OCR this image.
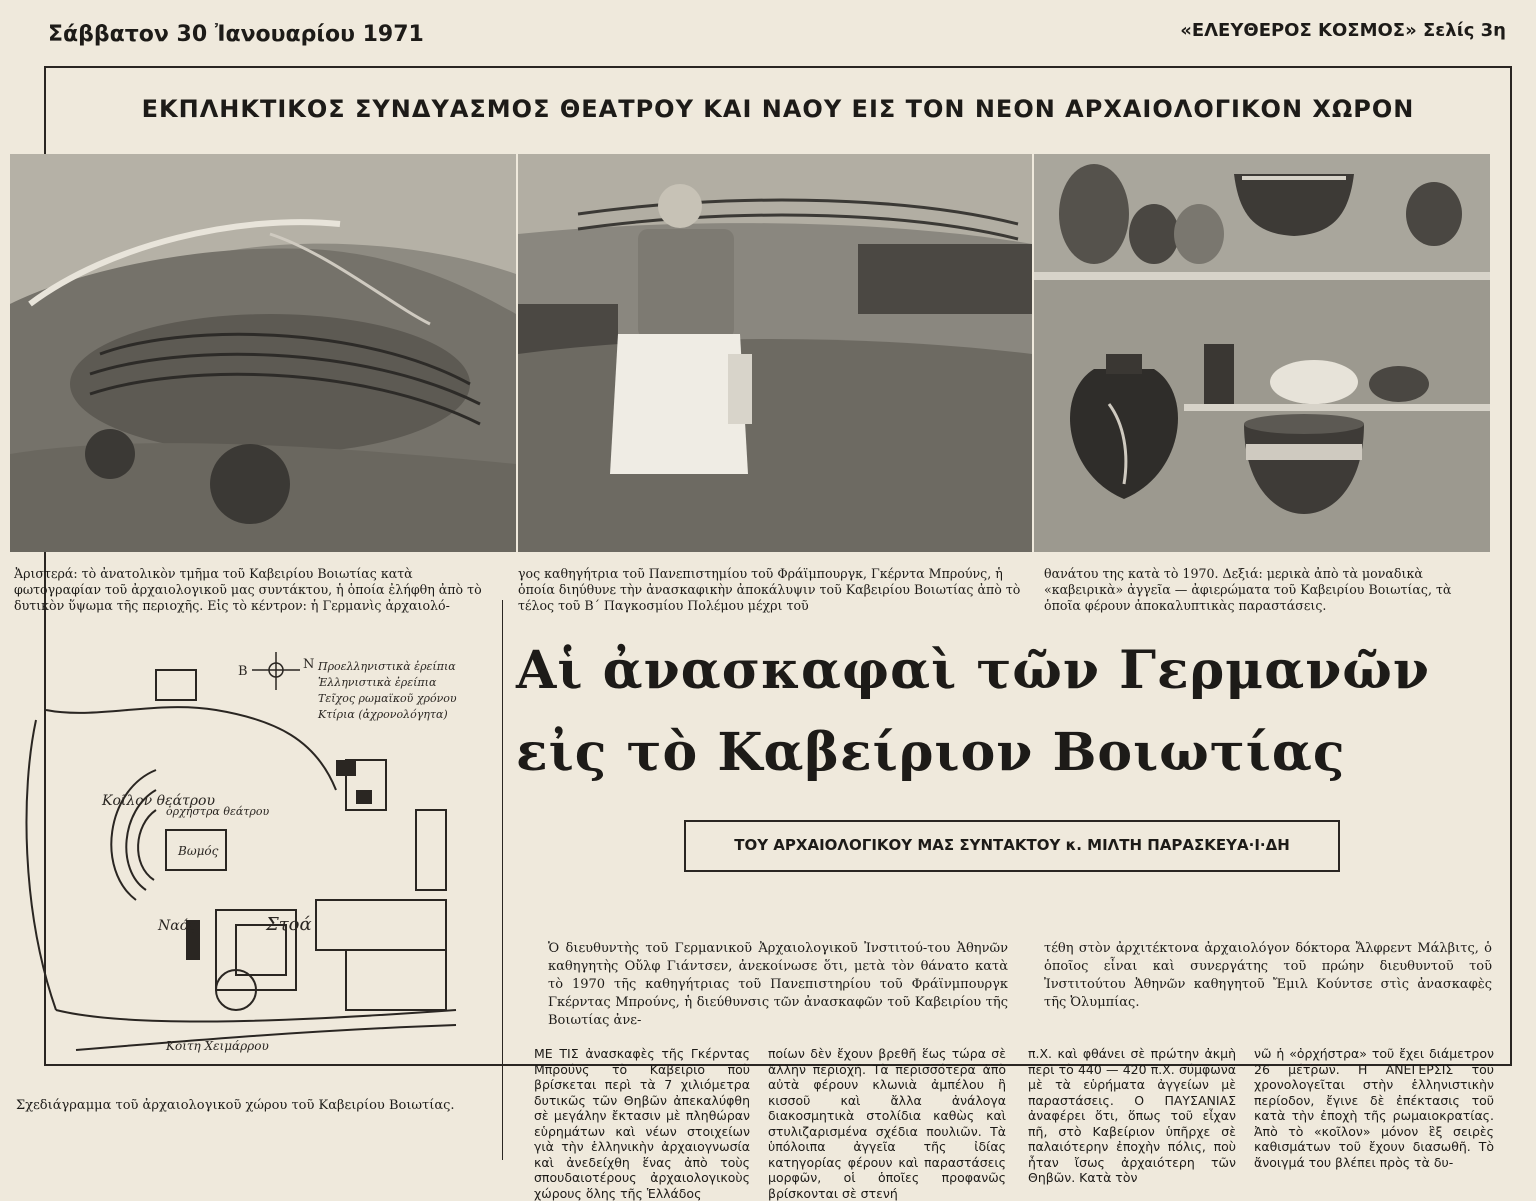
Σάββατον 30 Ἰανουαρίου 1971	«ΕΛΕΥΘΕΡΟΣ ΚΟΣΜΟΣ» Σελίς 3η
ΕΚΠΛΗΚΤΙΚΟΣ ΣΥΝΔΥΑΣΜΟΣ ΘΕΑΤΡΟΥ ΚΑΙ ΝΑΟΥ ΕΙΣ ΤΟΝ ΝΕΟΝ ΑΡΧΑΙΟΛΟΓΙΚΟΝ ΧΩΡΟΝ
Ἀριστερά: τὸ ἀνατολικὸν τμῆμα τοῦ Καβειρίου Βοιωτίας κατὰ φωτογραφίαν τοῦ ἀρχαιολογικοῦ μας συντάκτου, ἡ ὁποία ἐλήφθη ἀπὸ τὸ δυτικὸν ὕψωμα τῆς περιοχῆς. Εἰς τὸ κέντρον: ἡ Γερμανὶς ἀρχαιολό-
γος καθηγήτρια τοῦ Πανεπιστημίου τοῦ Φράϊμπουργκ, Γκέρντα Μπρούνς, ἡ ὁποία διηύθυνε τὴν ἀνασκαφικὴν ἀποκάλυψιν τοῦ Καβειρίου Βοιωτίας ἀπὸ τὸ τέλος τοῦ Β΄ Παγκοσμίου Πολέμου μέχρι τοῦ
θανάτου της κατὰ τὸ 1970. Δεξιά: μερικὰ ἀπὸ τὰ μοναδικὰ «καβειρικὰ» ἀγγεῖα — ἀφιερώματα τοῦ Καβειρίου Βοιωτίας, τὰ ὁποῖα φέρουν ἀποκαλυπτικὰς παραστάσεις.
B	N Προελληνιστικὰ ἐρείπια
Ἑλληνιστικὰ ἐρείπια
Τεῖχος ρωμαϊκοῦ χρόνου
Κτίρια (ἀχρονολόγητα)
Κοῖλον θεάτρου
ὀρχήστρα θεάτρου
Βωμός
Ναός	Στοά
Κοίτη Χειμάρρου
Σχεδιάγραμμα τοῦ ἀρχαιολογικοῦ χώρου τοῦ Καβειρίου Βοιωτίας.
Αἱ ἀνασκαφαὶ τῶν Γερμανῶν
εἰς τὸ Καβείριον Βοιωτίας
ΤΟΥ ΑΡΧΑΙΟΛΟΓΙΚΟΥ ΜΑΣ ΣΥΝΤΑΚΤΟΥ κ. ΜΙΛΤΗ ΠΑΡΑΣΚΕΥΑ·Ι·ΔΗ
Ὁ διευθυντὴς τοῦ Γερμανικοῦ Ἀρχαιολογικοῦ Ἰνστιτού-του Ἀθηνῶν καθηγητὴς Οὔλφ Γιάντσεν, ἀνεκοίνωσε ὅτι, μετὰ τὸν θάνατο κατὰ τὸ 1970 τῆς καθηγήτριας τοῦ Πανεπιστηρίου τοῦ Φράϊνμπουργκ Γκέρντας Μπρούνς, ἡ διεύθυνσις τῶν ἀνασκαφῶν τοῦ Καβειρίου τῆς Βοιωτίας ἀνε-
τέθη στὸν ἀρχιτέκτονα ἀρχαιολόγον δόκτορα Ἄλφρεντ Μάλβιτς, ὁ ὁποῖος εἶναι καὶ συνεργάτης τοῦ πρώην διευθυντοῦ τοῦ Ἰνστιτούτου Ἀθηνῶν καθηγητοῦ Ἔμιλ Κούντσε στὶς ἀνασκαφὲς τῆς Ὀλυμπίας.
ΜΕ ΤΙΣ ἀνασκαφὲς τῆς Γκέρντας Μπρούνς τὸ Καβείριο ποὺ βρίσκεται περὶ τὰ 7 χιλιόμετρα δυτικῶς τῶν Θηβῶν ἀπεκαλύφθη σὲ μεγάλην ἔκτασιν μὲ πληθώραν εὑρημάτων καὶ νέων στοιχείων γιὰ τὴν ἑλληνικὴν ἀρχαιογνωσία καὶ ἀνεδείχθη ἕνας ἀπὸ τοὺς σπουδαιοτέρους ἀρχαιολογικοὺς χώρους ὅλης τῆς Ἑλλάδος
ποίων δὲν ἔχουν βρεθῆ ἕως τώρα σὲ ἄλλην περιοχή. Τὰ περισσότερα ἀπὸ αὐτὰ φέρουν κλωνιὰ ἀμπέλου ἢ κισσοῦ καὶ ἄλλα ἀνάλογα διακοσμητικὰ στολίδια καθὼς καὶ στυλιζαρισμένα σχέδια πουλιῶν. Τὰ ὑπόλοιπα ἀγγεῖα τῆς ἰδίας κατηγορίας φέρουν καὶ παραστάσεις μορφῶν, οἱ ὁποῖες προφανῶς βρίσκονται σὲ στενή
π.Χ. καὶ φθάνει σὲ πρώτην ἀκμὴ περὶ τὸ 440 — 420 π.Χ. σύμφωνα μὲ τὰ εὑρήματα ἀγγείων μὲ παραστάσεις. Ο ΠΑΥΣΑΝΙΑΣ ἀναφέρει ὅτι, ὅπως τοῦ εἶχαν πῆ, στὸ Καβείριον ὑπῆρχε σὲ παλαιότερην ἐποχὴν πόλις, ποὺ ἦταν ἴσως ἀρχαιότερη τῶν Θηβῶν. Κατὰ τὸν
νῶ ἡ «ὀρχήστρα» τοῦ ἔχει διάμετρον 26 μέτρων. Η ΑΝΕΓΕΡΣΙΣ τοῦ χρονολογεῖται στὴν ἑλληνιστικὴν περίοδον, ἔγινε δὲ ἐπέκτασις τοῦ κατὰ τὴν ἐποχὴ τῆς ρωμαιοκρατίας. Ἀπὸ τὸ «κοῖλον» μόνον ἓξ σειρὲς καθισμάτων τοῦ ἔχουν διασωθῆ. Τὸ ἄνοιγμά του βλέπει πρὸς τὰ δυ-
